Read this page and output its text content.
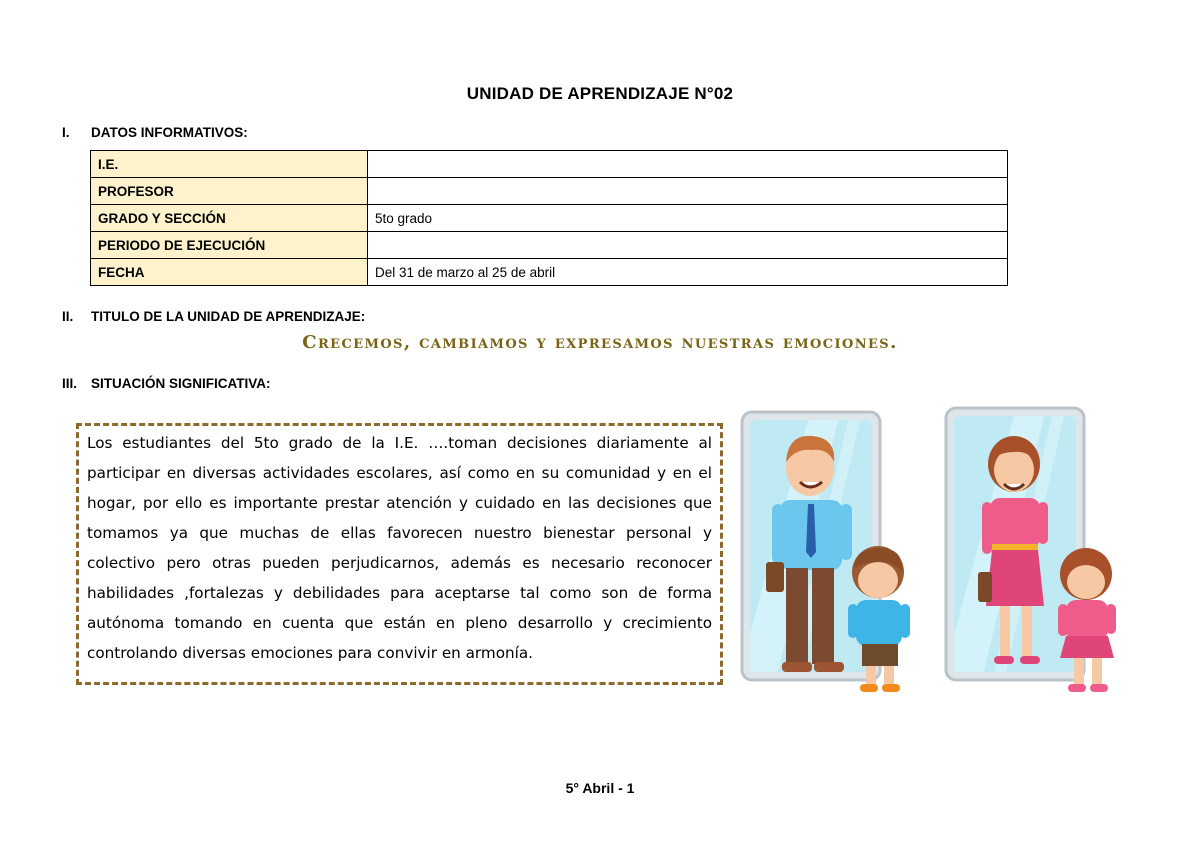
UNIDAD DE APRENDIZAJE N°02
I. DATOS INFORMATIVOS:
I.E.	
PROFESOR	
GRADO Y SECCIÓN	5to grado
PERIODO DE EJECUCIÓN	
FECHA	Del 31 de marzo al 25 de abril
II. TITULO DE LA UNIDAD DE APRENDIZAJE:
Crecemos, cambiamos y expresamos nuestras emociones.
III. SITUACIÓN SIGNIFICATIVA:
Los estudiantes del 5to grado de la I.E. ….toman decisiones diariamente al participar en diversas actividades escolares, así como en su comunidad y en el hogar, por ello es importante prestar atención y cuidado en las decisiones que tomamos ya que muchas de ellas favorecen nuestro bienestar personal y colectivo pero otras pueden perjudicarnos, además es necesario reconocer habilidades ,fortalezas y debilidades para aceptarse tal como son de forma autónoma tomando en cuenta que están en pleno desarrollo y crecimiento controlando diversas emociones para convivir en armonía.
5° Abril - 1
